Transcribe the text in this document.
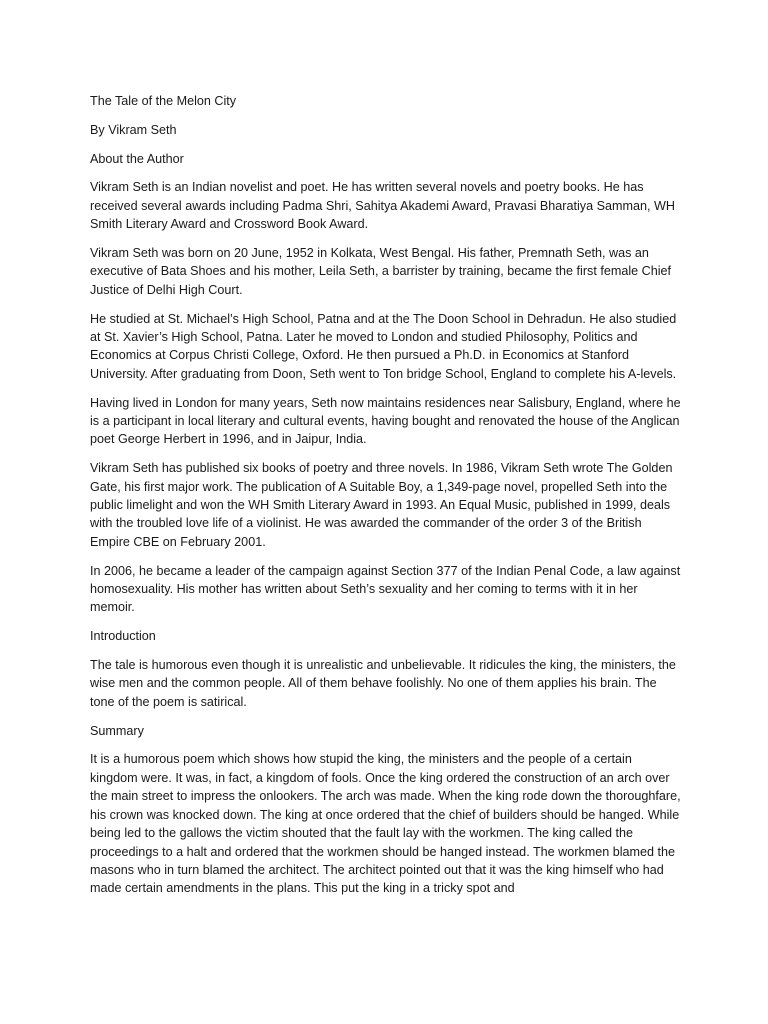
The Tale of the Melon City

By Vikram Seth

About the Author

Vikram Seth is an Indian novelist and poet. He has written several novels and poetry books. He has received several awards including Padma Shri, Sahitya Akademi Award, Pravasi Bharatiya Samman, WH Smith Literary Award and Crossword Book Award.

Vikram Seth was born on 20 June, 1952 in Kolkata, West Bengal. His father, Premnath Seth, was an executive of Bata Shoes and his mother, Leila Seth, a barrister by training, became the first female Chief Justice of Delhi High Court.

He studied at St. Michael’s High School, Patna and at the The Doon School in Dehradun. He also studied at St. Xavier’s High School, Patna. Later he moved to London and studied Philosophy, Politics and Economics at Corpus Christi College, Oxford. He then pursued a Ph.D. in Economics at Stanford University. After graduating from Doon, Seth went to Ton bridge School, England to complete his A-levels.

Having lived in London for many years, Seth now maintains residences near Salisbury, England, where he is a participant in local literary and cultural events, having bought and renovated the house of the Anglican poet George Herbert in 1996, and in Jaipur, India.

Vikram Seth has published six books of poetry and three novels. In 1986, Vikram Seth wrote The Golden Gate, his first major work. The publication of A Suitable Boy, a 1,349-page novel, propelled Seth into the public limelight and won the WH Smith Literary Award in 1993. An Equal Music, published in 1999, deals with the troubled love life of a violinist. He was awarded the commander of the order 3 of the British Empire CBE on February 2001.

In 2006, he became a leader of the campaign against Section 377 of the Indian Penal Code, a law against homosexuality. His mother has written about Seth’s sexuality and her coming to terms with it in her memoir.

Introduction

The tale is humorous even though it is unrealistic and unbelievable. It ridicules the king, the ministers, the wise men and the common people. All of them behave foolishly. No one of them applies his brain. The tone of the poem is satirical.

Summary

It is a humorous poem which shows how stupid the king, the ministers and the people of a certain kingdom were. It was, in fact, a kingdom of fools. Once the king ordered the construction of an arch over the main street to impress the onlookers. The arch was made. When the king rode down the thoroughfare, his crown was knocked down. The king at once ordered that the chief of builders should be hanged. While being led to the gallows the victim shouted that the fault lay with the workmen. The king called the proceedings to a halt and ordered that the workmen should be hanged instead. The workmen blamed the masons who in turn blamed the architect. The architect pointed out that it was the king himself who had made certain amendments in the plans. This put the king in a tricky spot and
